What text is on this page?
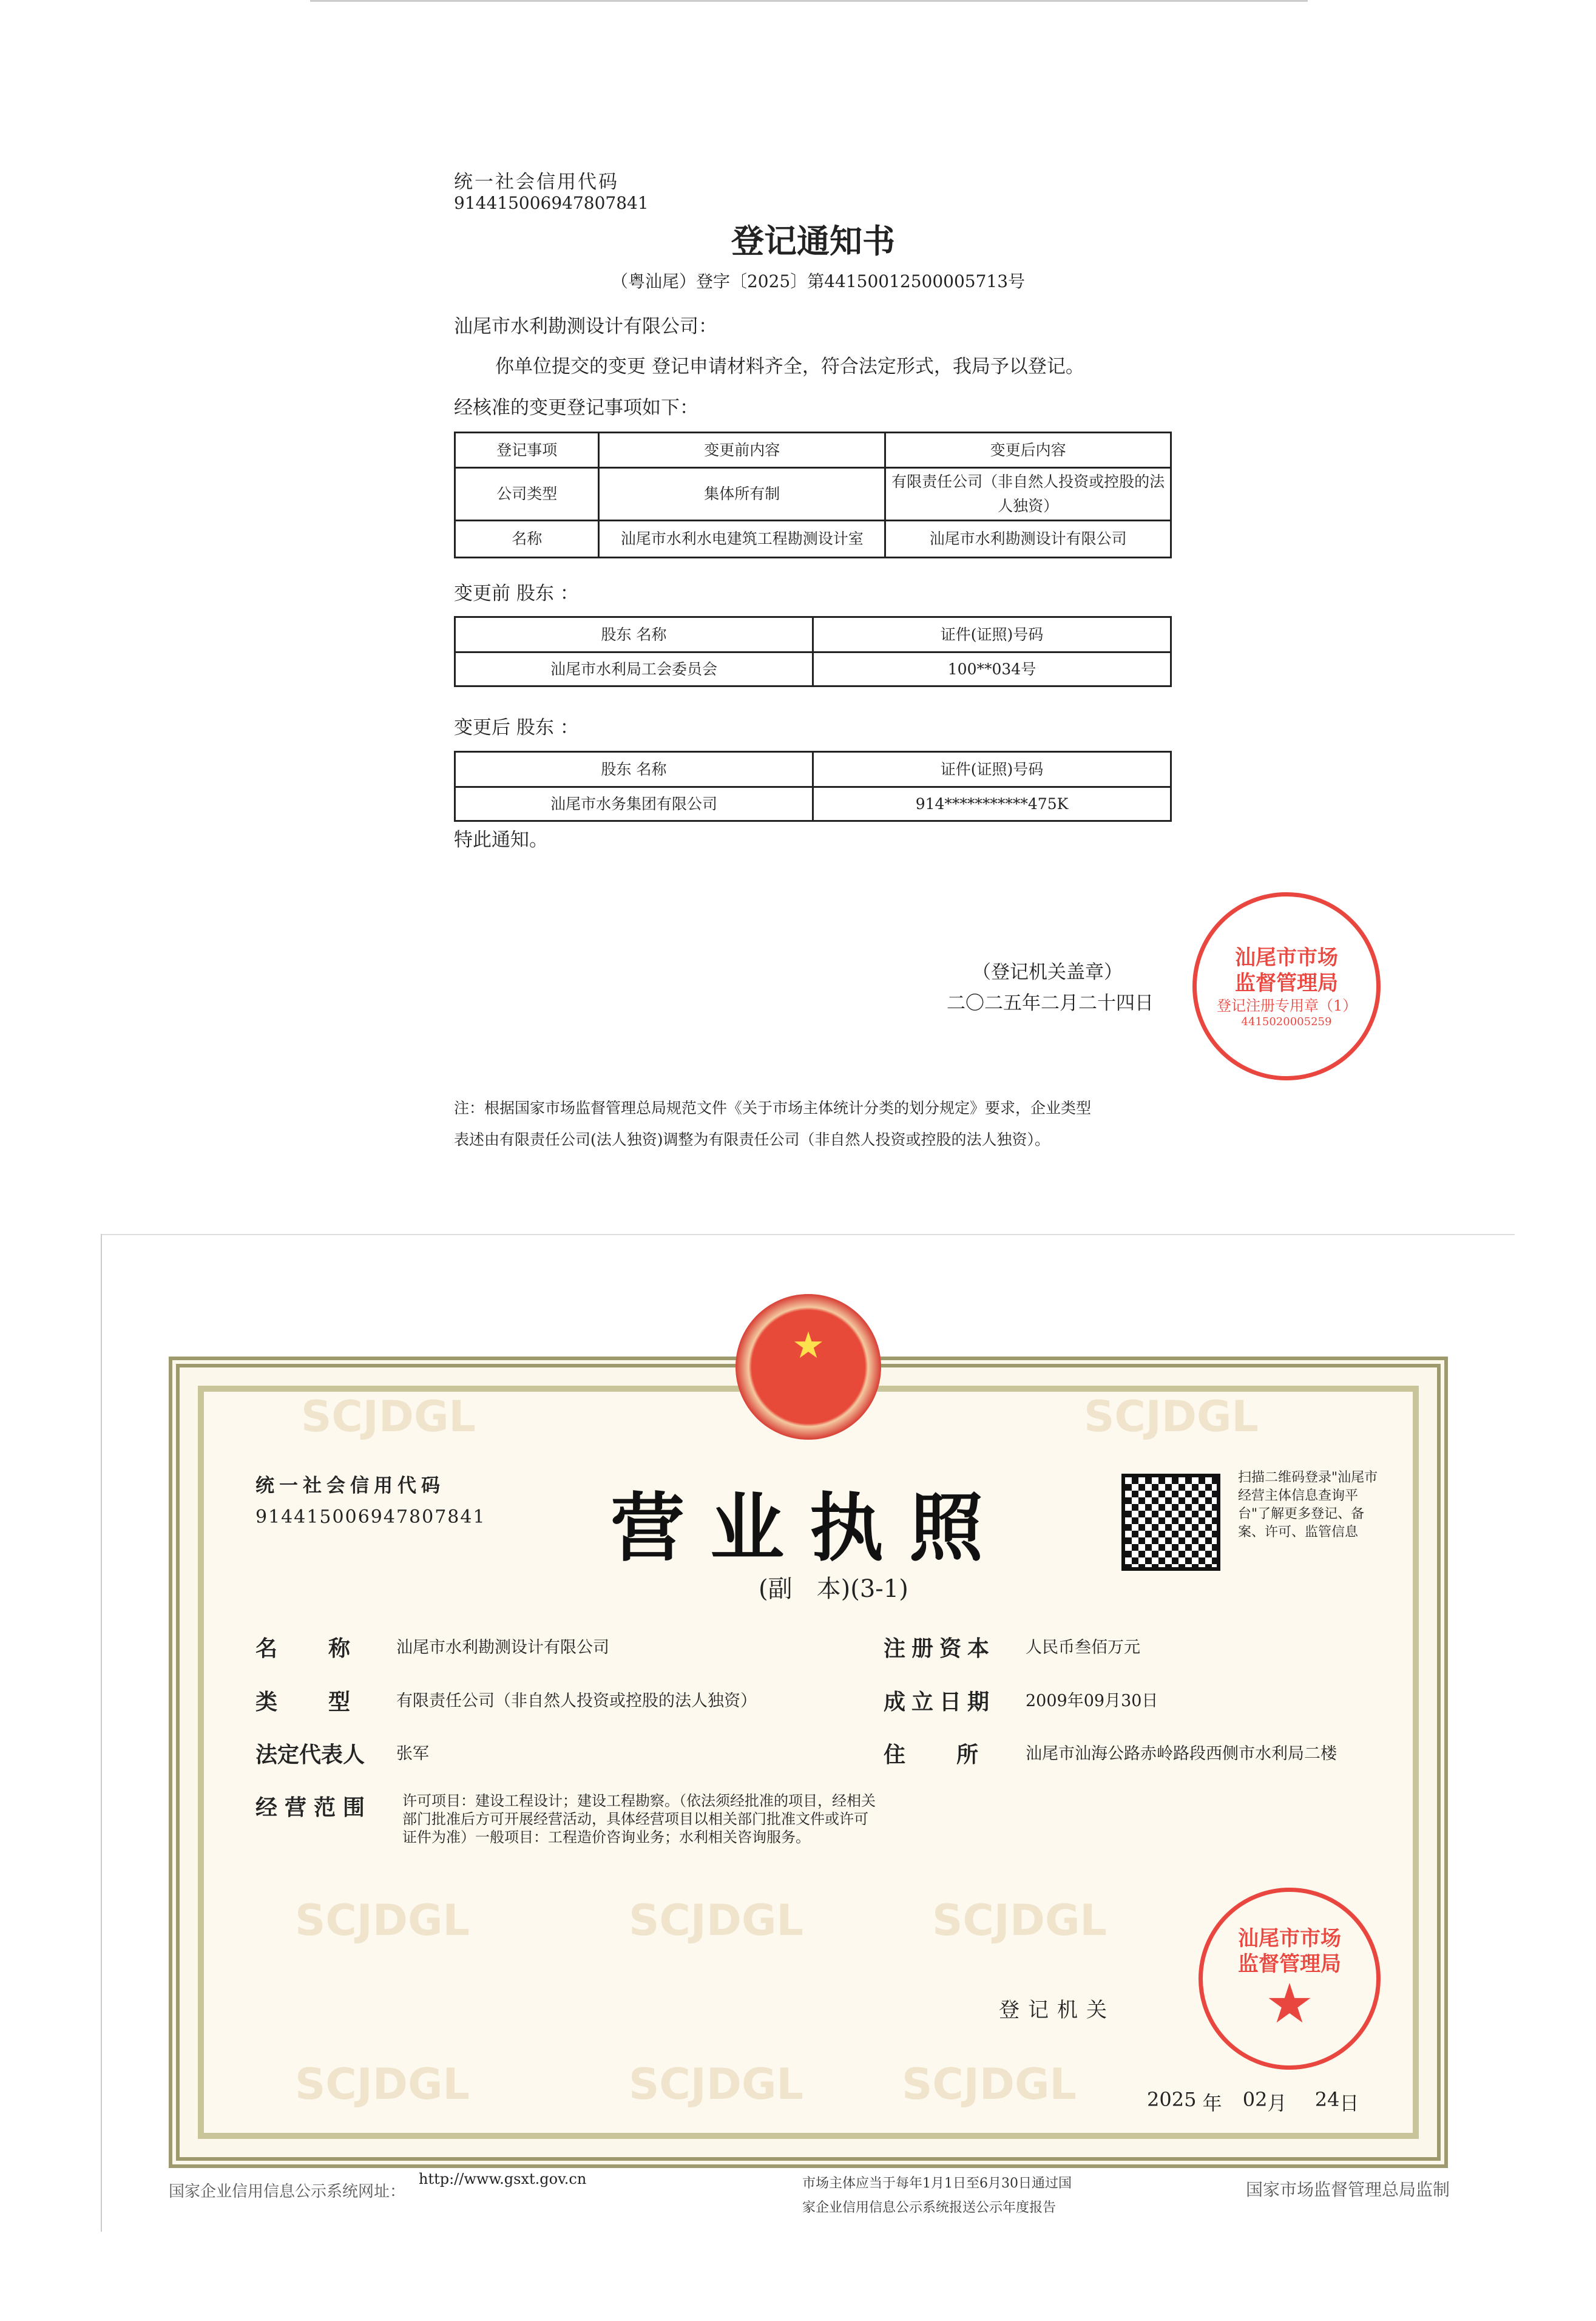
统一社会信用代码
914415006947807841
登记通知书
（粤汕尾）登字〔2025〕第44150012500005713号
汕尾市水利勘测设计有限公司：
你单位提交的变更 登记申请材料齐全，符合法定形式，我局予以登记。
经核准的变更登记事项如下：
登记事项	变更前内容	变更后内容
公司类型	集体所有制	有限责任公司（非自然人投资或控股的法人独资）
名称	汕尾市水利水电建筑工程勘测设计室	汕尾市水利勘测设计有限公司
变更前 股东 ：
股东 名称	证件(证照)号码
汕尾市水利局工会委员会	100**034号
变更后 股东 ：
股东 名称	证件(证照)号码
汕尾市水务集团有限公司	914***********475K
特此通知。
（登记机关盖章）
二〇二五年二月二十四日
汕尾市市场监督管理局
登记注册专用章（1）
4415020005259
注：根据国家市场监督管理总局规范文件《关于市场主体统计分类的划分规定》要求，企业类型
表述由有限责任公司(法人独资)调整为有限责任公司（非自然人投资或控股的法人独资）。
SCJDGL	SCJDGL
SCJDGL	SCJDGL	SCJDGL
SCJDGL	SCJDGL SCJDGL
★
统一社会信用代码
914415006947807841 营业执照
(副　本)(3-1)
扫描二维码登录"汕尾市经营主体信息查询平台"了解更多登记、备案、许可、监管信息
名　　称	汕尾市水利勘测设计有限公司
类　　型	有限责任公司（非自然人投资或控股的法人独资）
法定代表人 张军
经营范围 许可项目：建设工程设计；建设工程勘察。（依法须经批准的项目，经相关部门批准后方可开展经营活动，具体经营项目以相关部门批准文件或许可证件为准）一般项目：工程造价咨询业务；水利相关咨询服务。
注册资本 人民币叁佰万元
成立日期 2009年09月30日
住　　所	汕尾市汕海公路赤岭路段西侧市水利局二楼
登记机关
汕尾市市场监督管理局
★
2025 年 02月 24日
国家企业信用信息公示系统网址：
http://www.gsxt.gov.cn	市场主体应当于每年1月1日至6月30日通过国
家企业信用信息公示系统报送公示年度报告
国家市场监督管理总局监制
